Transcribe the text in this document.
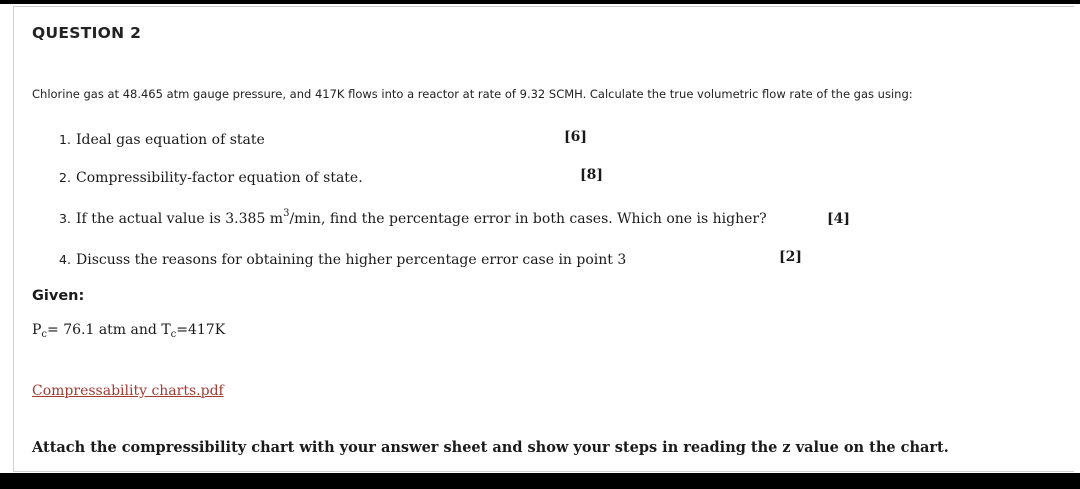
QUESTION 2
Chlorine gas at 48.465 atm gauge pressure, and 417K flows into a reactor at rate of 9.32 SCMH. Calculate the true volumetric flow rate of the gas using:
1. Ideal gas equation of state	[6]
2. Compressibility-factor equation of state.	[8]
3. If the actual value is 3.385 $m^3/\min$, find the percentage error in both cases. Which one is higher?	[4]
4. Discuss the reasons for obtaining the higher percentage error case in point 3	[2]
Given:
$P_c= 76.1$ atm and $T_c=417K$
Compressability charts.pdf
Attach the compressibility chart with your answer sheet and show your steps in reading the z value on the chart.
